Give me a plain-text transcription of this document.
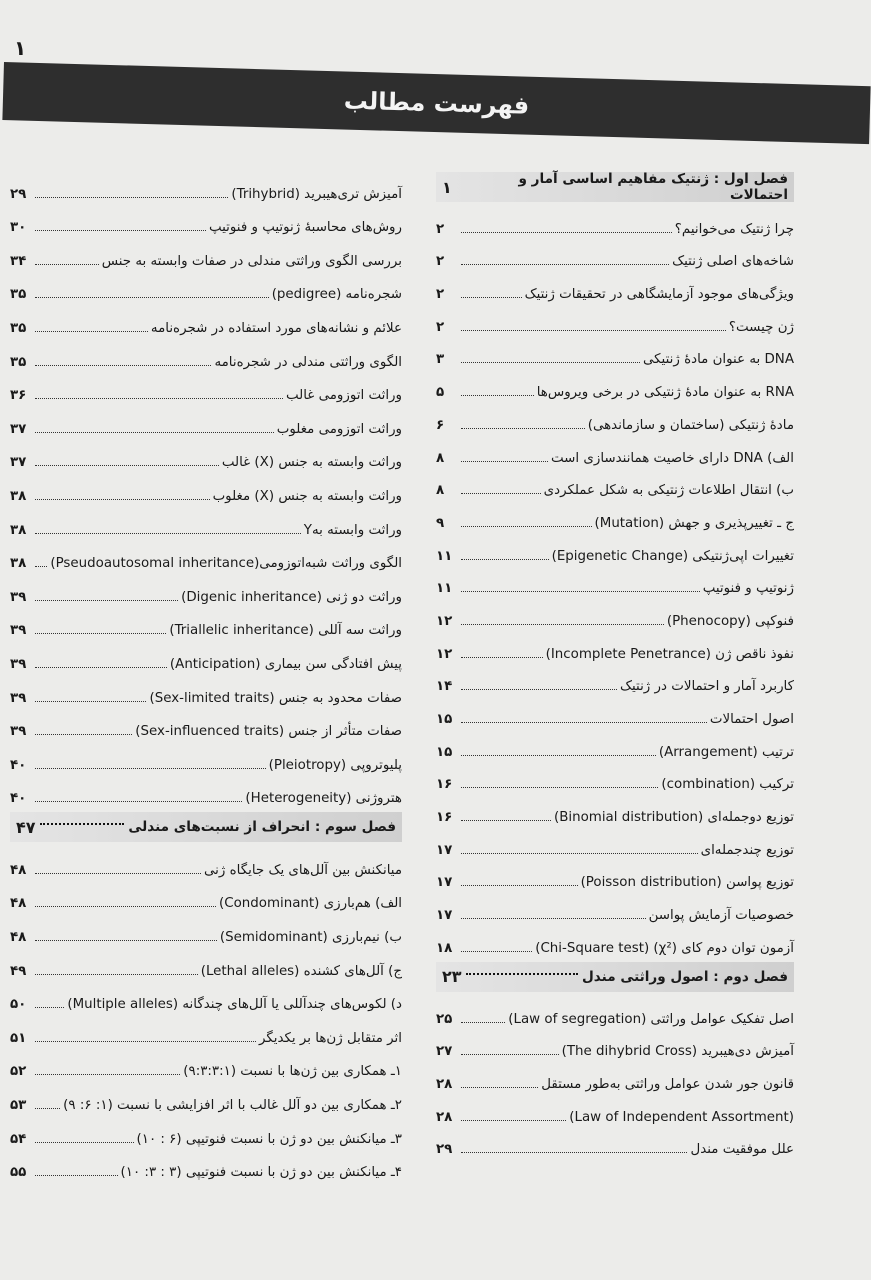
۱
فهرست مطالب
فصل اول : ژنتیک مفاهیم اساسی آمار و احتمالات
۱
چرا ژنتیک می‌خوانیم؟
۲
شاخه‌های اصلی ژنتیک
۲
ویژگی‌های موجود آزمایشگاهی در تحقیقات ژنتیک
۲
ژن چیست؟
۲
DNA به عنوان مادهٔ ژنتیکی
۳
RNA به عنوان مادهٔ ژنتیکی در برخی ویروس‌ها
۵
مادهٔ ژنتیکی (ساختمان و سازماندهی)
۶
الف) DNA دارای خاصیت همانندسازی است
۸
ب) انتقال اطلاعات ژنتیکی به شکل عملکردی
۸
ج ـ تغییرپذیری و جهش (Mutation)
۹
تغییرات اپی‌ژنتیکی (Epigenetic Change)
۱۱
ژنوتیپ و فنوتیپ
۱۱
فنوکپی (Phenocopy)
۱۲
نفوذ ناقص ژن (Incomplete Penetrance)
۱۲
کاربرد آمار و احتمالات در ژنتیک
۱۴
اصول احتمالات
۱۵
ترتیب (Arrangement)
۱۵
ترکیب (combination)
۱۶
توزیع دوجمله‌ای (Binomial distribution)
۱۶
توزیع چندجمله‌ای
۱۷
توزیع پواسن (Poisson distribution)
۱۷
خصوصیات آزمایش پواسن
۱۷
آزمون توان دوم کای (χ²) (Chi-Square test)
۱۸
فصل دوم : اصول وراثتی مندل
۲۳
اصل تفکیک عوامل وراثتی (Law of segregation)
۲۵
آمیزش دی‌هیبرید (The dihybrid Cross)
۲۷
قانون جور شدن عوامل وراثتی به‌طور مستقل
۲۸
(Law of Independent Assortment)
۲۸
علل موفقیت مندل
۲۹
آمیزش تری‌هیبرید (Trihybrid)
۲۹
روش‌های محاسبهٔ ژنوتیپ و فنوتیپ
۳۰
بررسی الگوی وراثتی مندلی در صفات وابسته به جنس
۳۴
شجره‌نامه (pedigree)
۳۵
علائم و نشانه‌های مورد استفاده در شجره‌نامه
۳۵
الگوی وراثتی مندلی در شجره‌نامه
۳۵
وراثت اتوزومی غالب
۳۶
وراثت اتوزومی مغلوب
۳۷
وراثت وابسته به جنس (X) غالب
۳۷
وراثت وابسته به جنس (X) مغلوب
۳۸
وراثت وابسته بهY
۳۸
الگوی وراثت شبه‌اتوزومی(Pseudoautosomal inheritance)
۳۸
وراثت دو ژنی (Digenic inheritance)
۳۹
وراثت سه آللی (Triallelic inheritance)
۳۹
پیش افتادگی سن بیماری (Anticipation)
۳۹
صفات محدود به جنس (Sex-limited traits)
۳۹
صفات متأثر از جنس (Sex-influenced traits)
۳۹
پلیوتروپی (Pleiotropy)
۴۰
هتروژنی (Heterogeneity)
۴۰
فصل سوم : انحراف از نسبت‌های مندلی
۴۷
میانکنش بین آلل‌های یک جایگاه ژنی
۴۸
الف) هم‌بارزی (Condominant)
۴۸
ب) نیم‌بارزی (Semidominant)
۴۸
ج) آلل‌های کشنده (Lethal alleles)
۴۹
د) لکوس‌های چندآللی یا آلل‌های چندگانه (Multiple alleles)
۵۰
اثر متقابل ژن‌ها بر یکدیگر
۵۱
۱ـ همکاری بین ژن‌ها با نسبت (۹:۳:۳:۱)
۵۲
۲ـ همکاری بین دو آلل غالب با اثر افزایشی با نسبت (۱: ۶: ۹)
۵۳
۳ـ میانکنش بین دو ژن با نسبت فنوتیپی (۶ : ۱۰)
۵۴
۴ـ میانکنش بین دو ژن با نسبت فنوتیپی (۳ : ۳: ۱۰)
۵۵
